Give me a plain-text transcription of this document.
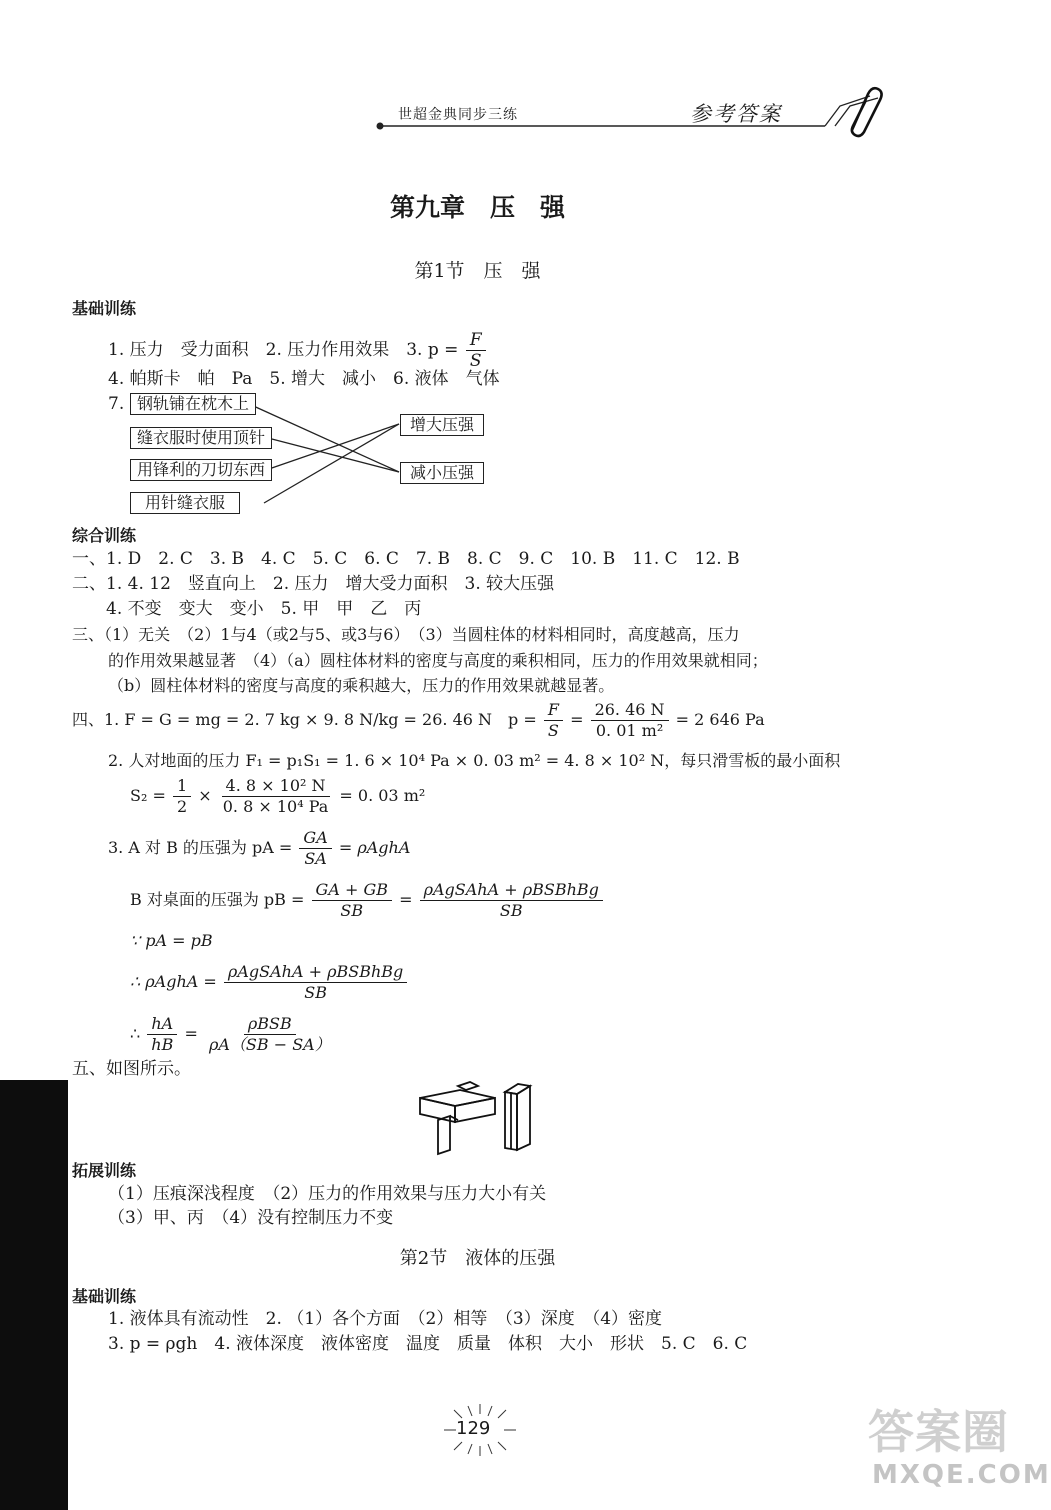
世超金典同步三练	参考答案
第九章　压　强
第1节　压　强
基础训练
1. 压力　受力面积　2. 压力作用效果　3. $p = \frac{F}{S}$
4. 帕斯卡　帕　Pa　5. 增大　减小　6. 液体　气体
7. 钢轨铺在枕木上
缝衣服时使用顶针
用锋利的刀切东西
用针缝衣服
增大压强
减小压强
综合训练
一、1. D　2. C　3. B　4. C　5. C　6. C　7. B　8. C　9. C　10. B　11. C　12. B
二、1. 4. 12　竖直向上　2. 压力　增大受力面积　3. 较大压强
　　4. 不变　变大　变小　5. 甲　甲　乙　丙
三、（1）无关　（2）1与4（或2与5、或3与6）　（3）当圆柱体的材料相同时，高度越高，压力
的作用效果越显著　（4）（a）圆柱体材料的密度与高度的乘积相同，压力的作用效果就相同；
（b）圆柱体材料的密度与高度的乘积越大，压力的作用效果就越显著。
四、1. F = G = mg = 2. 7 kg × 9. 8 N/kg = 26. 46 N　$p = \frac{F}{S} = \frac{26. 46 N}{\text{0. 01 m²}} = 2$ 646 Pa
2. 人对地面的压力 F₁ = p₁S₁ = 1. 6 × 10⁴ Pa × 0. 03 m² = 4. 8 × 10² N，每只滑雪板的最小面积
$S_2 = \frac{1}{2} \times \frac{\text{4. 8 × 10² N}}{\text{0. 8 × 10⁴ Pa}} = 0$. 03 m²
3. A 对 B 的压强为 pA = $\frac{GA}{SA}$ = ρAghA
B 对桌面的压强为 pB = $\frac{GA + GB}{SB} = \frac{\text{ρAgSAhA + ρBSBhBg}}{SB}$
∵ pA = pB
∴ ρAghA = $\frac{\text{ρAgSAhA + ρBSBhBg}}{SB}$
∴ $\frac{hA}{hB} = \frac{\text{ρBSB}}{\rho A(SB - SA)}$
五、如图所示。
拓展训练
（1）压痕深浅程度　（2）压力的作用效果与压力大小有关
（3）甲、丙　（4）没有控制压力不变
第2节　液体的压强
基础训练
1. 液体具有流动性　2. （1）各个方面　（2）相等　（3）深度　（4）密度
3. p = ρgh　4. 液体深度　液体密度　温度　质量　体积　大小　形状　5. C　6. C
129	答案圈
MXQE.COM
